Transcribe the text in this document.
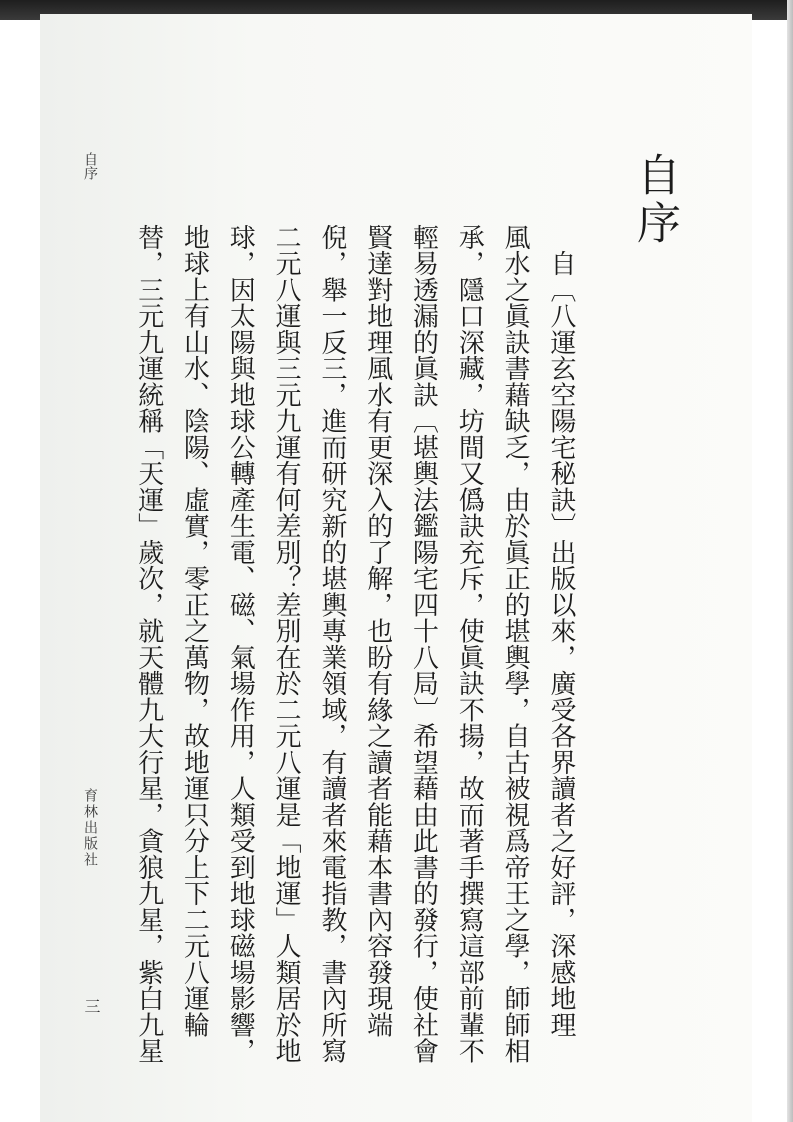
自序
　自〔八運玄空陽宅秘訣〕出版以來，廣受各界讀者之好評，深感地理
風水之眞訣書藉缺乏，由於眞正的堪輿學，自古被視爲帝王之學，師師相
承，隱口深藏，坊間又僞訣充斥，使眞訣不揚，故而著手撰寫這部前輩不
輕易透漏的眞訣〔堪輿法鑑陽宅四十八局〕希望藉由此書的發行，使社會
賢達對地理風水有更深入的了解，也盼有緣之讀者能藉本書內容發現端
倪，舉一反三，進而研究新的堪輿專業領域，有讀者來電指教，書內所寫
二元八運與三元九運有何差別？差別在於二元八運是「地運」人類居於地
球，因太陽與地球公轉產生電、磁、氣場作用，人類受到地球磁場影響，
地球上有山水、陰陽、虛實，零正之萬物，故地運只分上下二元八運輪
替，三元九運統稱「天運」歲次，就天體九大行星，貪狼九星，紫白九星
自序
育林出版社
三
